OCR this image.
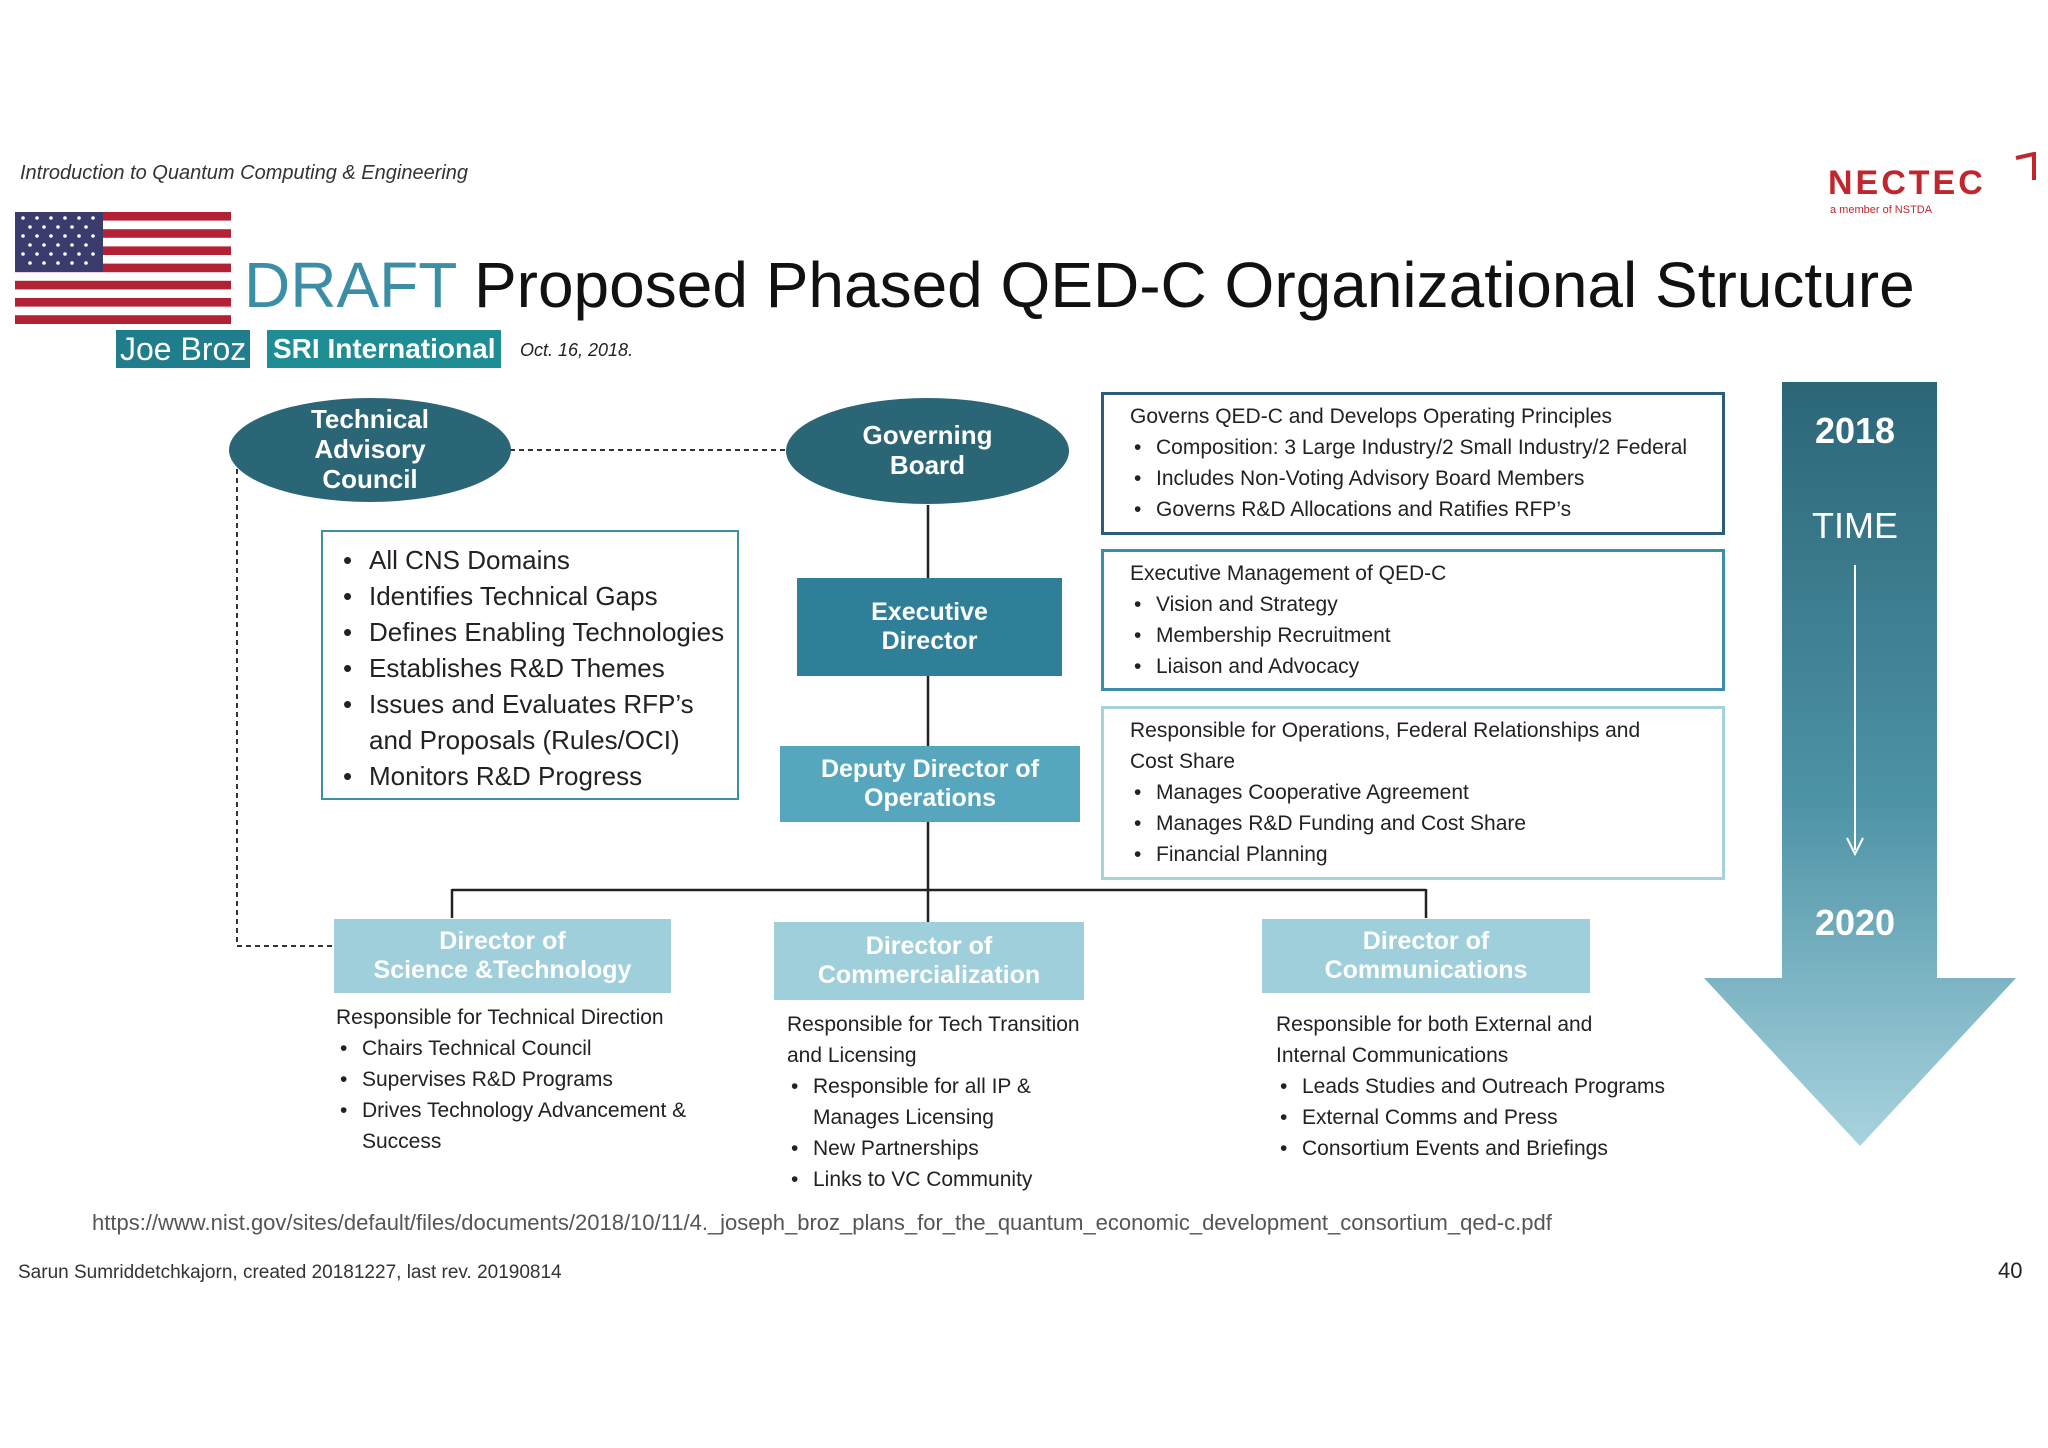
Introduction to Quantum Computing & Engineering	NECTEC
a member of NSTDA
DRAFT Proposed Phased QED-C Organizational Structure
Joe Broz SRI International	Oct. 16, 2018.
Technical
Advisory
Council
• All CNS Domains
• Identifies Technical Gaps
• Defines Enabling Technologies
• Establishes R&D Themes
• Issues and Evaluates RFP’s and Proposals (Rules/OCI)
• Monitors R&D Progress
Governing
Board
Executive
Director
Deputy Director of
Operations
Governs QED-C and Develops Operating Principles
• Composition: 3 Large Industry/2 Small Industry/2 Federal
• Includes Non-Voting Advisory Board Members
• Governs R&D Allocations and Ratifies RFP’s
Executive Management of QED-C
• Vision and Strategy
• Membership Recruitment
• Liaison and Advocacy
Responsible for Operations, Federal Relationships and Cost Share
• Manages Cooperative Agreement
• Manages R&D Funding and Cost Share
• Financial Planning
Director of
Science &Technology
Responsible for Technical Direction
• Chairs Technical Council
• Supervises R&D Programs
• Drives Technology Advancement & Success
Director of
Commercialization
Responsible for Tech Transition and Licensing
• Responsible for all IP & Manages Licensing
• New Partnerships
• Links to VC Community
Director of
Communications
Responsible for both External and Internal Communications
• Leads Studies and Outreach Programs
• External Comms and Press
• Consortium Events and Briefings
2018
TIME
2020
https://www.nist.gov/sites/default/files/documents/2018/10/11/4._joseph_broz_plans_for_the_quantum_economic_development_consortium_qed-c.pdf
Sarun Sumriddetchkajorn, created 20181227, last rev. 20190814	40
